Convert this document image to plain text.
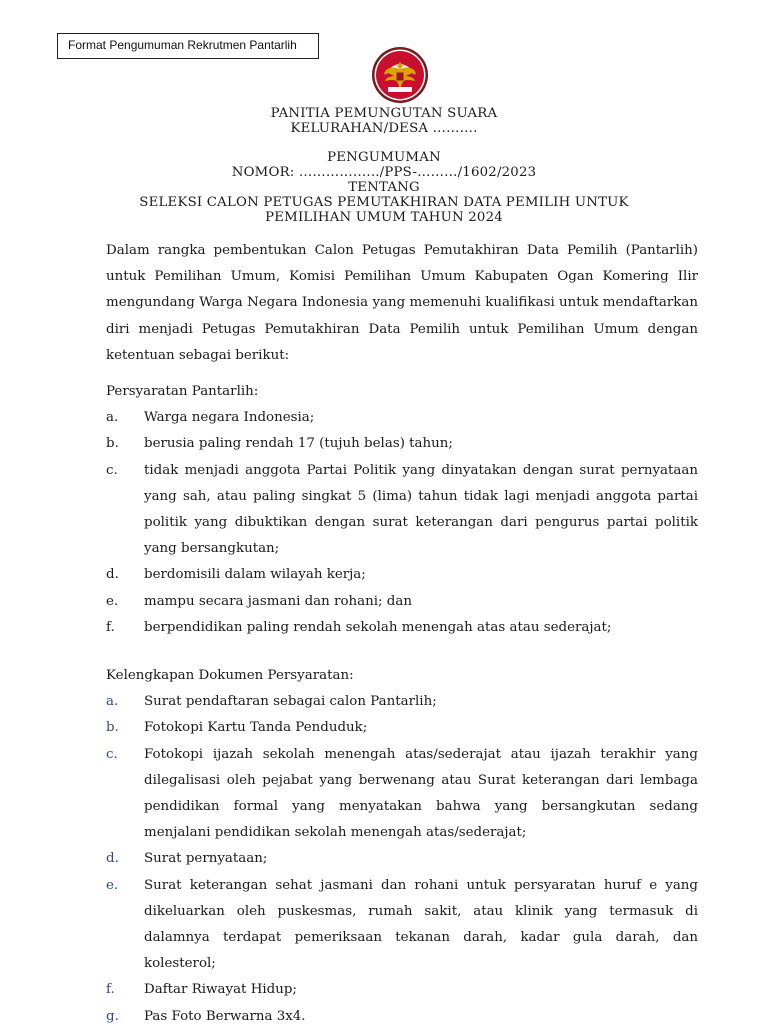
Format Pengumuman Rekrutmen Pantarlih
PANITIA PEMUNGUTAN SUARA
KELURAHAN/DESA ……….
PENGUMUMAN
NOMOR: …………….../PPS-………/1602/2023
TENTANG
SELEKSI CALON PETUGAS PEMUTAKHIRAN DATA PEMILIH UNTUK
PEMILIHAN UMUM TAHUN 2024

Dalam rangka pembentukan Calon Petugas Pemutakhiran Data Pemilih (Pantarlih) untuk Pemilihan Umum, Komisi Pemilihan Umum Kabupaten Ogan Komering Ilir mengundang Warga Negara Indonesia yang memenuhi kualifikasi untuk mendaftarkan diri menjadi Petugas Pemutakhiran Data Pemilih untuk Pemilihan Umum dengan ketentuan sebagai berikut:

Persyaratan Pantarlih:

a. Warga negara Indonesia;
b. berusia paling rendah 17 (tujuh belas) tahun;
c. tidak menjadi anggota Partai Politik yang dinyatakan dengan surat pernyataan yang sah, atau paling singkat 5 (lima) tahun tidak lagi menjadi anggota partai politik yang dibuktikan dengan surat keterangan dari pengurus partai politik yang bersangkutan;
d. berdomisili dalam wilayah kerja;
e. mampu secara jasmani dan rohani; dan
f. berpendidikan paling rendah sekolah menengah atas atau sederajat;

Kelengkapan Dokumen Persyaratan:

a. Surat pendaftaran sebagai calon Pantarlih;
b. Fotokopi Kartu Tanda Penduduk;
c. Fotokopi ijazah sekolah menengah atas/sederajat atau ijazah terakhir yang dilegalisasi oleh pejabat yang berwenang atau Surat keterangan dari lembaga pendidikan formal yang menyatakan bahwa yang bersangkutan sedang menjalani pendidikan sekolah menengah atas/sederajat;
d. Surat pernyataan;
e. Surat keterangan sehat jasmani dan rohani untuk persyaratan huruf e yang dikeluarkan oleh puskesmas, rumah sakit, atau klinik yang termasuk di dalamnya terdapat pemeriksaan tekanan darah, kadar gula darah, dan kolesterol;
f. Daftar Riwayat Hidup;
g. Pas Foto Berwarna 3x4.
